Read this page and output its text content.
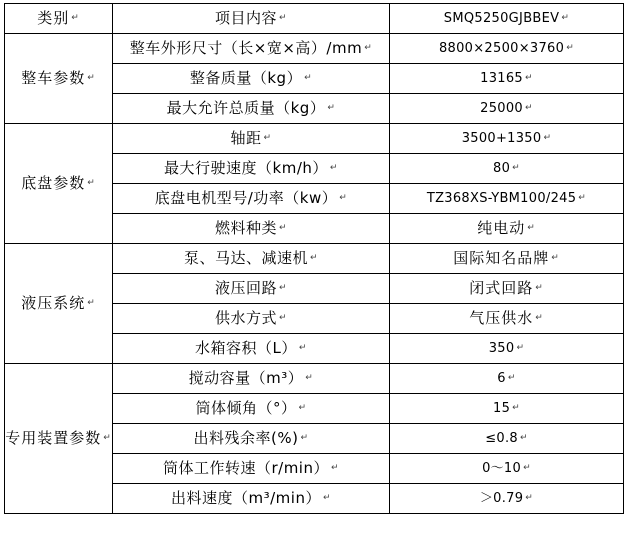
类别 ↵	项目内容 ↵	SMQ5250GJBBEV ↵
整车参数 ↵	整车外形尺寸（长×宽×高）/mm ↵	8800×2500×3760 ↵
	整备质量（kg） ↵	13165 ↵
	最大允许总质量（kg） ↵	25000 ↵
底盘参数 ↵	轴距 ↵	3500+1350 ↵
	最大行驶速度（km/h） ↵	80 ↵
	底盘电机型号/功率（kw） ↵	TZ368XS-YBM100/245 ↵
	燃料种类 ↵	纯电动 ↵
液压系统 ↵	泵、马达、减速机 ↵	国际知名品牌 ↵
	液压回路 ↵	闭式回路 ↵
	供水方式 ↵	气压供水 ↵
	水箱容积（L） ↵	350 ↵
专用装置参数 ↵	搅动容量（m³） ↵	6 ↵
	筒体倾角（°） ↵	15 ↵
	出料残余率(%) ↵	≤0.8 ↵
	筒体工作转速（r/min） ↵	0～10 ↵
	出料速度（m³/min） ↵	＞0.79 ↵
